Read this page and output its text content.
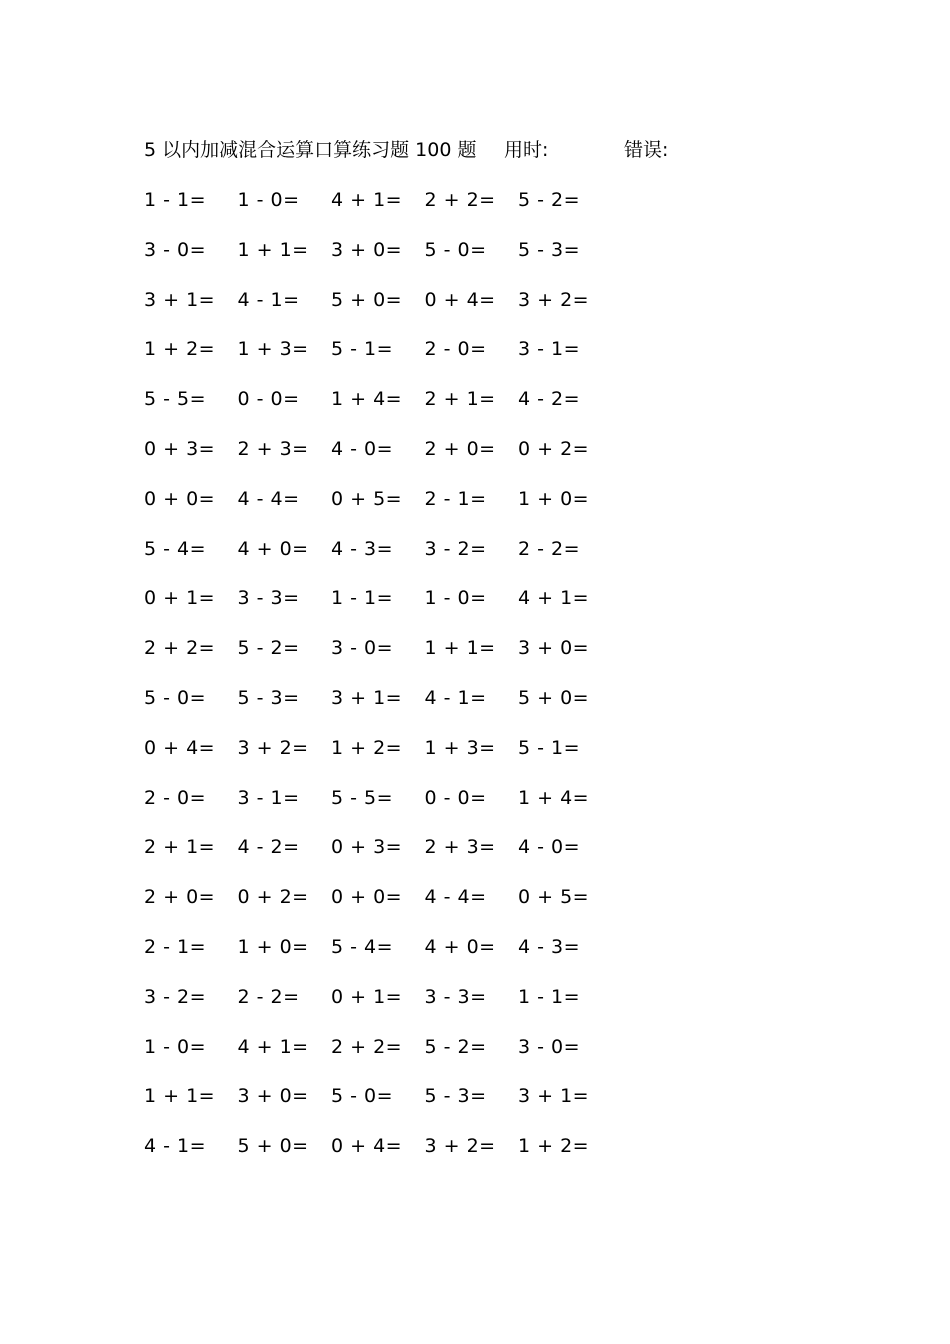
5 以内加减混合运算口算练习题 100 题 用时:	错误:
1 - 1= 1 - 0= 4 + 1= 2 + 2= 5 - 2=
3 - 0= 1 + 1= 3 + 0= 5 - 0= 5 - 3=
3 + 1= 4 - 1= 5 + 0= 0 + 4= 3 + 2=
1 + 2= 1 + 3= 5 - 1= 2 - 0= 3 - 1=
5 - 5= 0 - 0= 1 + 4= 2 + 1= 4 - 2=
0 + 3= 2 + 3= 4 - 0= 2 + 0= 0 + 2=
0 + 0= 4 - 4= 0 + 5= 2 - 1= 1 + 0=
5 - 4= 4 + 0= 4 - 3= 3 - 2= 2 - 2=
0 + 1= 3 - 3= 1 - 1= 1 - 0= 4 + 1=
2 + 2= 5 - 2= 3 - 0= 1 + 1= 3 + 0=
5 - 0= 5 - 3= 3 + 1= 4 - 1= 5 + 0=
0 + 4= 3 + 2= 1 + 2= 1 + 3= 5 - 1=
2 - 0= 3 - 1= 5 - 5= 0 - 0= 1 + 4=
2 + 1= 4 - 2= 0 + 3= 2 + 3= 4 - 0=
2 + 0= 0 + 2= 0 + 0= 4 - 4= 0 + 5=
2 - 1= 1 + 0= 5 - 4= 4 + 0= 4 - 3=
3 - 2= 2 - 2= 0 + 1= 3 - 3= 1 - 1=
1 - 0= 4 + 1= 2 + 2= 5 - 2= 3 - 0=
1 + 1= 3 + 0= 5 - 0= 5 - 3= 3 + 1=
4 - 1= 5 + 0= 0 + 4= 3 + 2= 1 + 2=
